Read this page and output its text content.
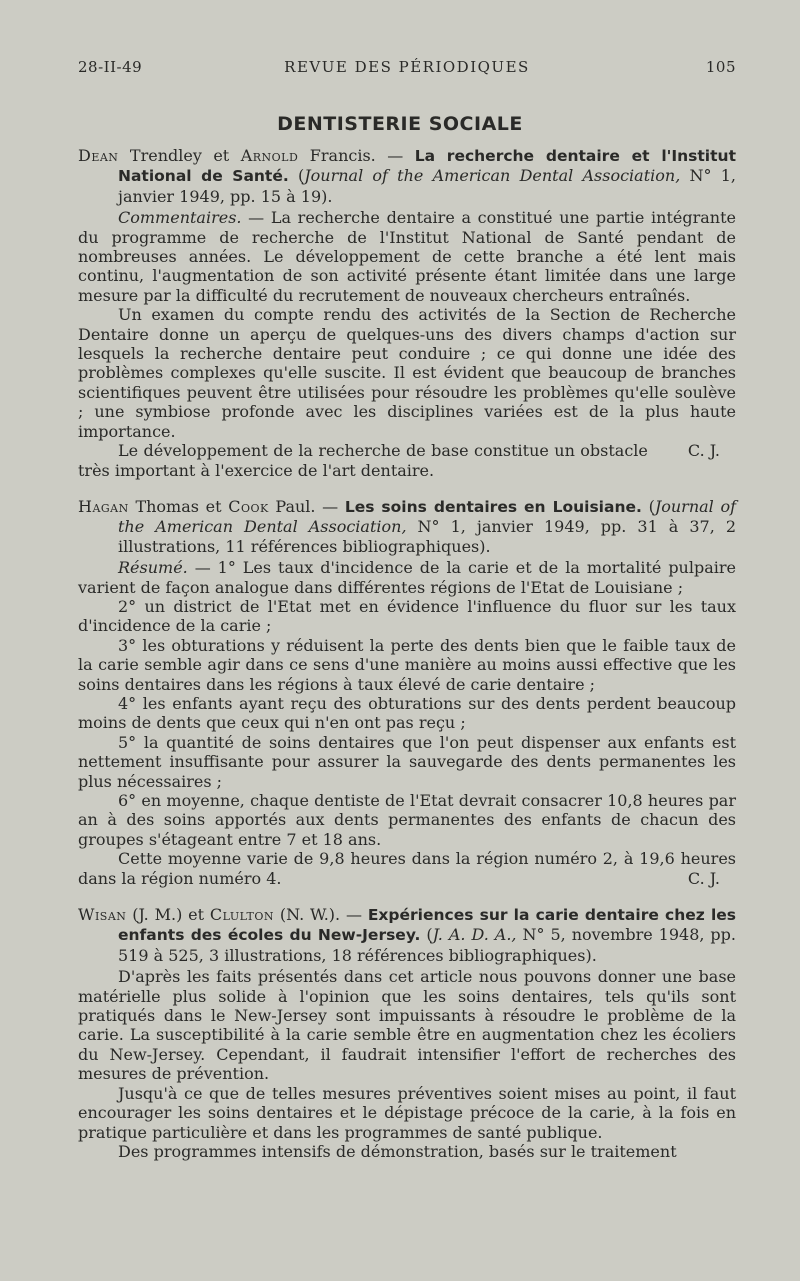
28-II-49	REVUE DES PÉRIODIQUES	105
DENTISTERIE SOCIALE

Dean Trendley et Arnold Francis. — La recherche dentaire et l'Institut National de Santé. (Journal of the American Dental Association, N° 1, janvier 1949, pp. 15 à 19).

Commentaires. — La recherche dentaire a constitué une partie intégrante du programme de recherche de l'Institut National de Santé pendant de nombreuses années. Le développement de cette branche a été lent mais continu, l'augmentation de son activité présente étant limitée dans une large mesure par la difficulté du recrutement de nouveaux chercheurs entraînés.

Un examen du compte rendu des activités de la Section de Recherche Dentaire donne un aperçu de quelques-uns des divers champs d'action sur lesquels la recherche dentaire peut conduire ; ce qui donne une idée des problèmes complexes qu'elle suscite. Il est évident que beaucoup de branches scientifiques peuvent être utilisées pour résoudre les problèmes qu'elle soulève ; une symbiose profonde avec les disciplines variées est de la plus haute importance.

Le développement de la recherche de base constitue un obstacle très important à l'exercice de l'art dentaire.
C. J.

Hagan Thomas et Cook Paul. — Les soins dentaires en Louisiane. (Journal of the American Dental Association, N° 1, janvier 1949, pp. 31 à 37, 2 illustrations, 11 références bibliographiques).

Résumé. — 1° Les taux d'incidence de la carie et de la mortalité pulpaire varient de façon analogue dans différentes régions de l'Etat de Louisiane ;

2° un district de l'Etat met en évidence l'influence du fluor sur les taux d'incidence de la carie ;

3° les obturations y réduisent la perte des dents bien que le faible taux de la carie semble agir dans ce sens d'une manière au moins aussi effective que les soins dentaires dans les régions à taux élevé de carie dentaire ;

4° les enfants ayant reçu des obturations sur des dents perdent beaucoup moins de dents que ceux qui n'en ont pas reçu ;

5° la quantité de soins dentaires que l'on peut dispenser aux enfants est nettement insuffisante pour assurer la sauvegarde des dents permanentes les plus nécessaires ;

6° en moyenne, chaque dentiste de l'Etat devrait consacrer 10,8 heures par an à des soins apportés aux dents permanentes des enfants de chacun des groupes s'étageant entre 7 et 18 ans.

Cette moyenne varie de 9,8 heures dans la région numéro 2, à 19,6 heures dans la région numéro 4.	C. J.

Wisan (J. M.) et Clulton (N. W.). — Expériences sur la carie dentaire chez les enfants des écoles du New-Jersey. (J. A. D. A., N° 5, novembre 1948, pp. 519 à 525, 3 illustrations, 18 références bibliographiques).

D'après les faits présentés dans cet article nous pouvons donner une base matérielle plus solide à l'opinion que les soins dentaires, tels qu'ils sont pratiqués dans le New-Jersey sont impuissants à résoudre le problème de la carie. La susceptibilité à la carie semble être en augmentation chez les écoliers du New-Jersey. Cependant, il faudrait intensifier l'effort de recherches des mesures de prévention.

Jusqu'à ce que de telles mesures préventives soient mises au point, il faut encourager les soins dentaires et le dépistage précoce de la carie, à la fois en pratique particulière et dans les programmes de santé publique.

Des programmes intensifs de démonstration, basés sur le traitement
